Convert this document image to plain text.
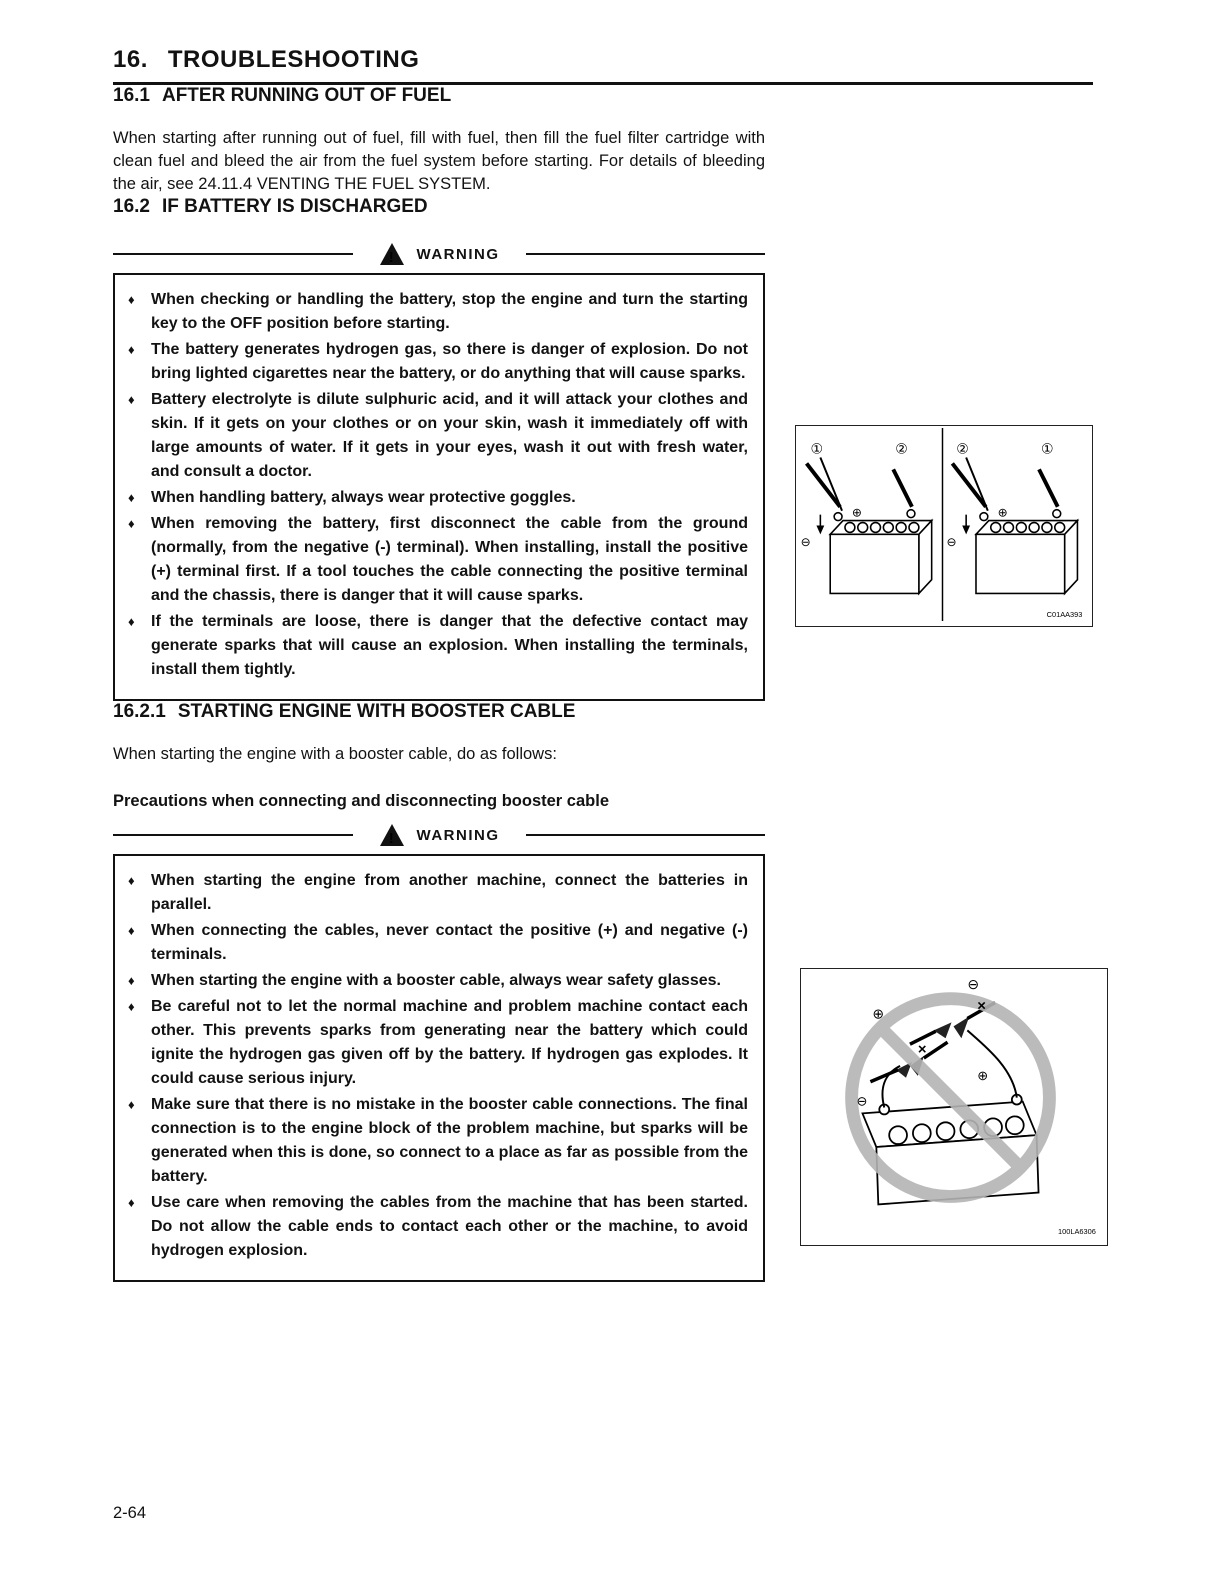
16. TROUBLESHOOTING
16.1 AFTER RUNNING OUT OF FUEL

When starting after running out of fuel, fill with fuel, then fill the fuel filter cartridge with clean fuel and bleed the air from the fuel system before starting. For details of bleeding the air, see 24.11.4 VENTING THE FUEL SYSTEM.

16.2 IF BATTERY IS DISCHARGED
! WARNING
♦	When checking or handling the battery, stop the engine and turn the starting key to the OFF position before starting.
♦	The battery generates hydrogen gas, so there is danger of explosion. Do not bring lighted cigarettes near the battery, or do anything that will cause sparks.
♦	Battery electrolyte is dilute sulphuric acid, and it will attack your clothes and skin. If it gets on your clothes or on your skin, wash it immediately off with large amounts of water. If it gets in your eyes, wash it out with fresh water, and consult a doctor.
♦	When handling battery, always wear protective goggles.
♦	When removing the battery, first disconnect the cable from the ground (normally, from the negative (-) terminal). When installing, install the positive (+) terminal first. If a tool touches the cable connecting the positive terminal and the chassis, there is danger that it will cause sparks.
♦	If the terminals are loose, there is danger that the defective contact may generate sparks that will cause an explosion. When installing the terminals, install them tightly.
16.2.1 STARTING ENGINE WITH BOOSTER CABLE

When starting the engine with a booster cable, do as follows:

Precautions when connecting and disconnecting booster cable

! WARNING
♦	When starting the engine from another machine, connect the batteries in parallel.
♦	When connecting the cables, never contact the positive (+) and negative (-) terminals.
♦	When starting the engine with a booster cable, always wear safety glasses.
♦	Be careful not to let the normal machine and problem machine contact each other. This prevents sparks from generating near the battery which could ignite the hydrogen gas given off by the battery. If hydrogen gas explodes. It could cause serious injury.
♦	Make sure that there is no mistake in the booster cable connections. The final connection is to the engine block of the problem machine, but sparks will be generated when this is done, so connect to a place as far as possible from the battery.
♦	Use care when removing the cables from the machine that has been started. Do not allow the cable ends to contact each other or the machine, to avoid hydrogen explosion.
①	②
⊖
⊕
②	①
⊖
⊕
C01AA393
⊖
⊕
⊖
⊕
×
×
100LA6306
2-64
